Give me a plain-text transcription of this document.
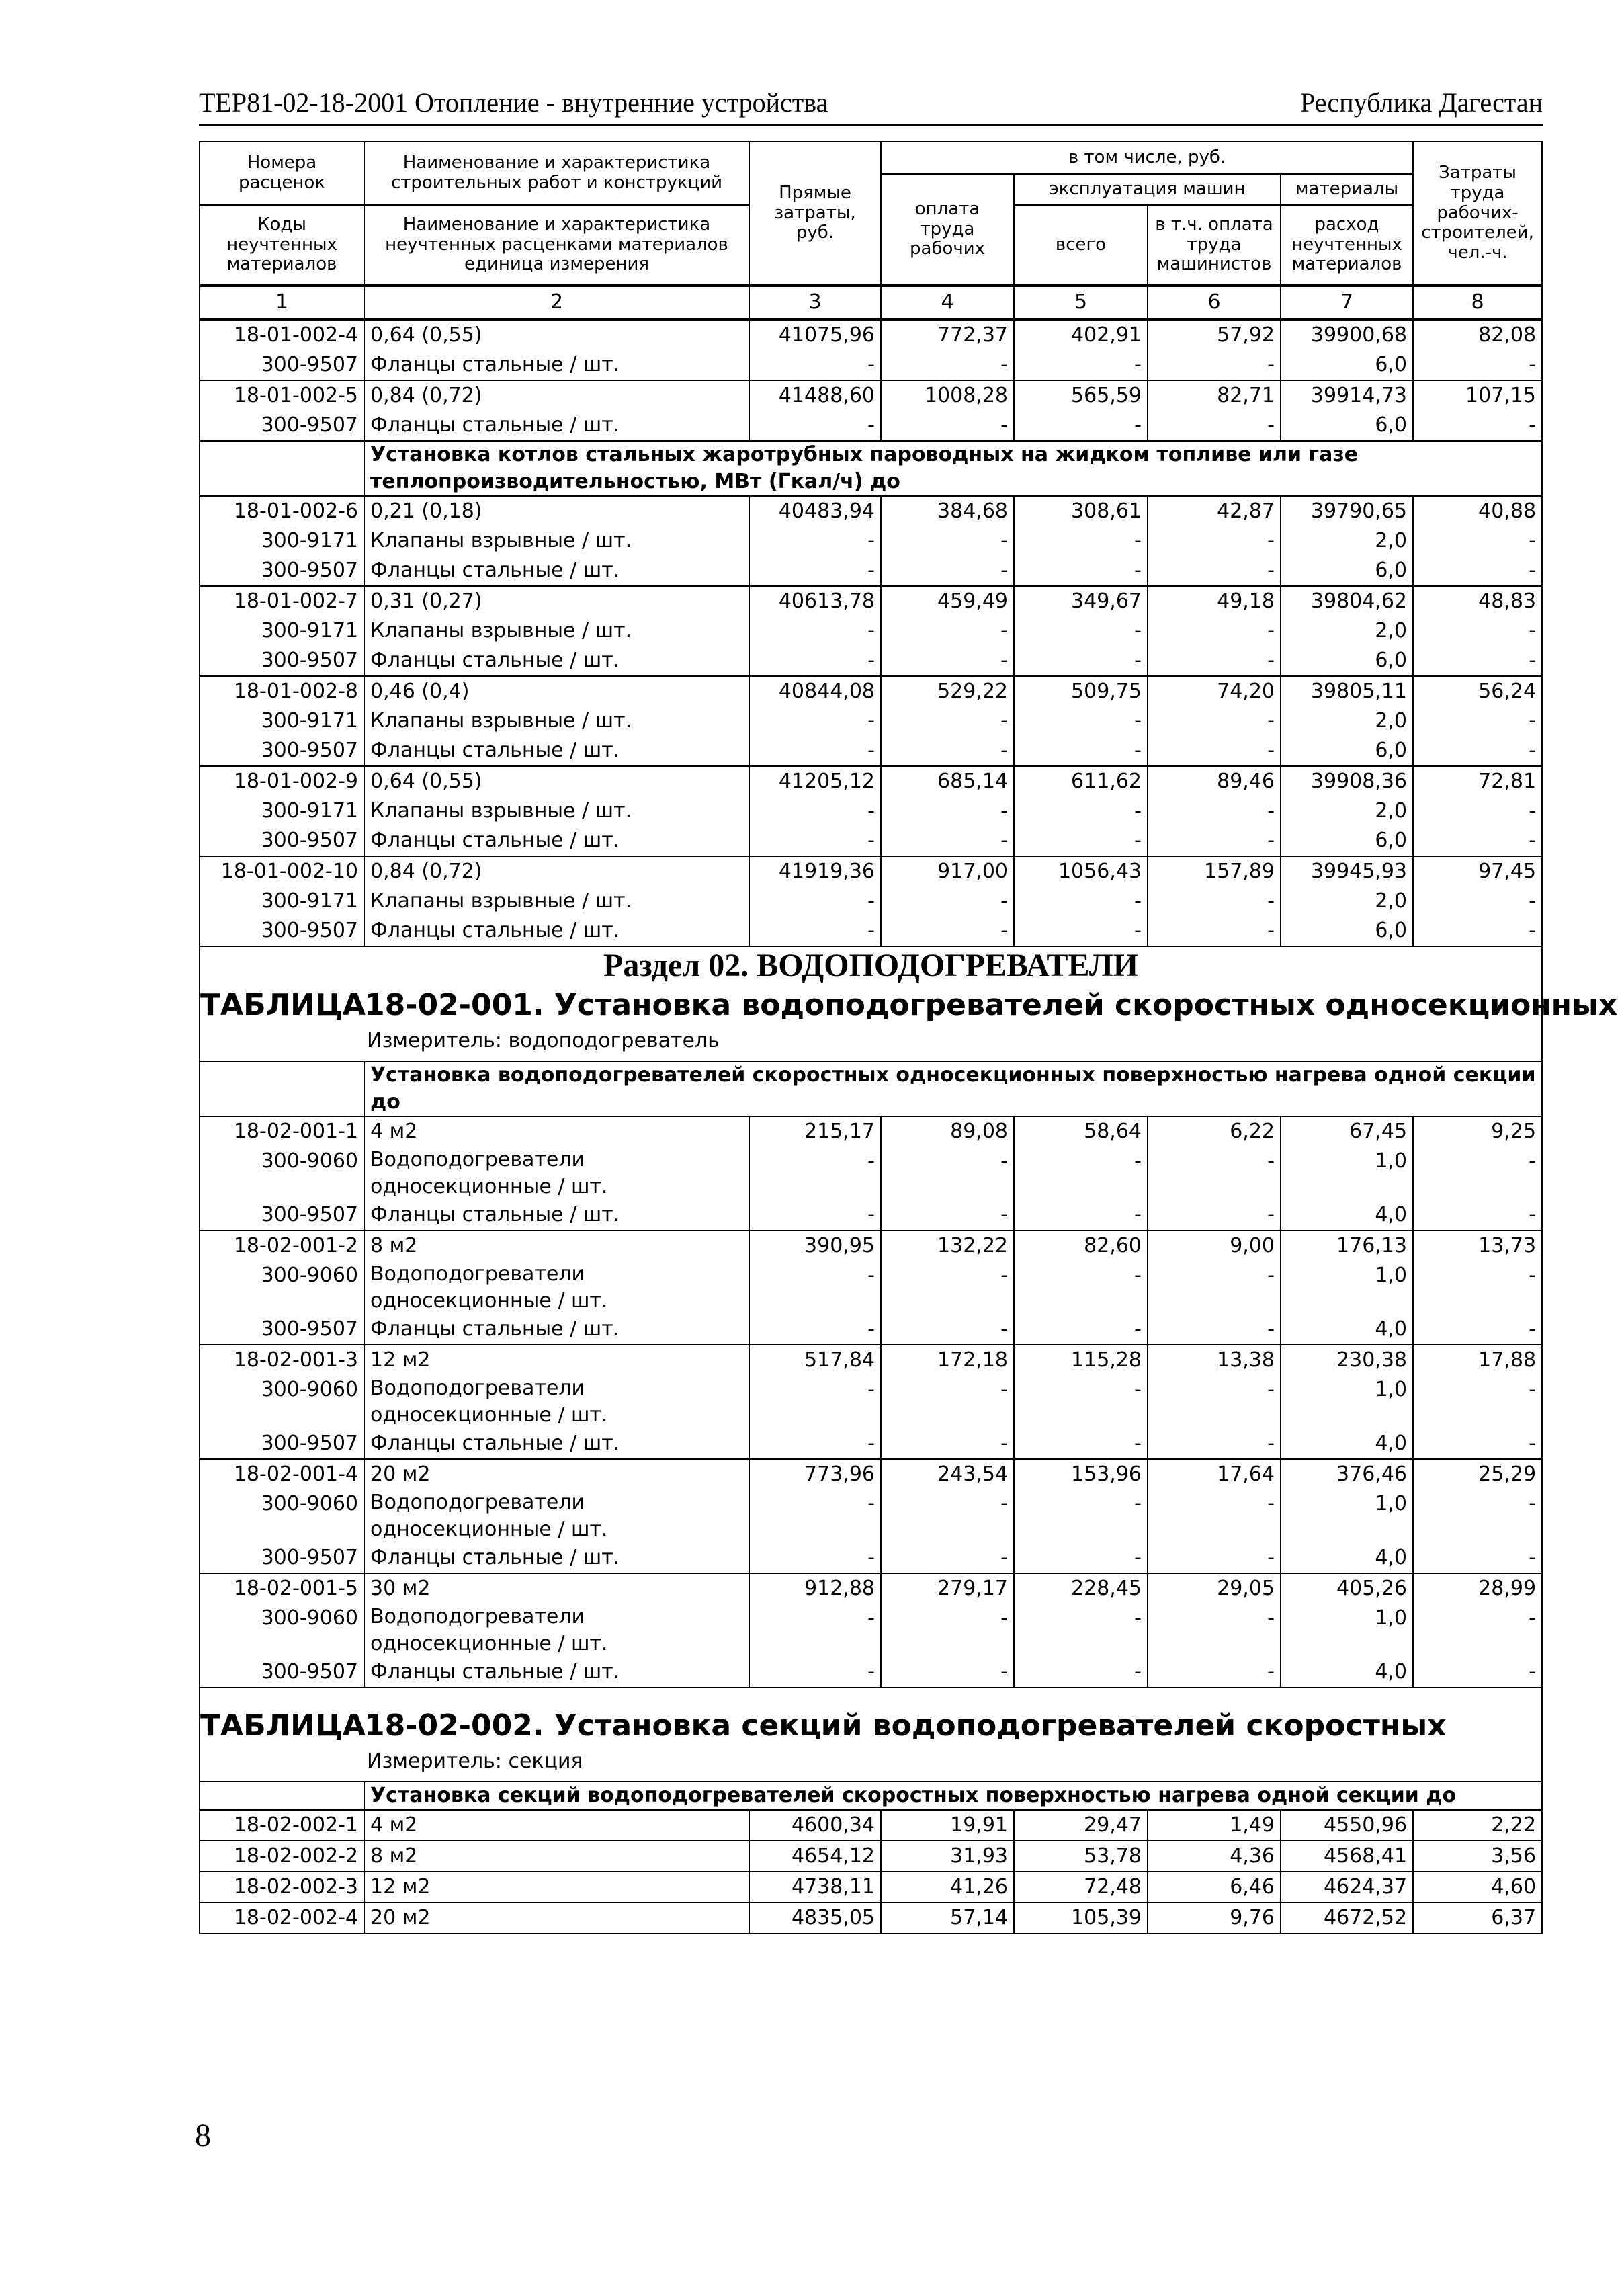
ТЕР81-02-18-2001 Отопление - внутренние устройства	Республика Дагестан
Номера расценок	Наименование и характеристика строительных работ и конструкций	Прямые затраты, руб.	в том числе, руб.				Затраты труда рабочих-строителей, чел.-ч.
			оплата труда рабочих	эксплуатация машин		материалы	
Коды неучтенных материалов	Наименование и характеристика неучтенных расценками материалов единица измерения			всего	в т.ч. оплата труда машинистов	расход неучтенных материалов	

1	2	3	4	5	6	7	8
18-01-002-4	0,64 (0,55)	41075,96	772,37	402,91	57,92	39900,68	82,08
300-9507	Фланцы стальные / шт.	-	-	-	-	6,0	-
18-01-002-5	0,84 (0,72)	41488,60	1008,28	565,59	82,71	39914,73	107,15
300-9507	Фланцы стальные / шт.	-	-	-	-	6,0	-
	Установка котлов стальных жаротрубных паровoдных на жидком топливе или газе теплопроизводительностью, МВт (Гкал/ч) до						
18-01-002-6	0,21 (0,18)	40483,94	384,68	308,61	42,87	39790,65	40,88
300-9171	Клапаны взрывные / шт.	-	-	-	-	2,0	-
300-9507	Фланцы стальные / шт.	-	-	-	-	6,0	-
18-01-002-7	0,31 (0,27)	40613,78	459,49	349,67	49,18	39804,62	48,83
300-9171	Клапаны взрывные / шт.	-	-	-	-	2,0	-
300-9507	Фланцы стальные / шт.	-	-	-	-	6,0	-
18-01-002-8	0,46 (0,4)	40844,08	529,22	509,75	74,20	39805,11	56,24
300-9171	Клапаны взрывные / шт.	-	-	-	-	2,0	-
300-9507	Фланцы стальные / шт.	-	-	-	-	6,0	-
18-01-002-9	0,64 (0,55)	41205,12	685,14	611,62	89,46	39908,36	72,81
300-9171	Клапаны взрывные / шт.	-	-	-	-	2,0	-
300-9507	Фланцы стальные / шт.	-	-	-	-	6,0	-
18-01-002-10	0,84 (0,72)	41919,36	917,00	1056,43	157,89	39945,93	97,45
300-9171	Клапаны взрывные / шт.	-	-	-	-	2,0	-
300-9507	Фланцы стальные / шт.	-	-	-	-	6,0	-
Раздел 02. ВОДОПОДОГРЕВАТЕЛИ							
ТАБЛИЦА	18-02-001. Установка водоподогревателей скоростных односекционных						
	Измеритель: водоподогреватель						
	Установка водоподогревателей скоростных односекционных поверхностью нагрева одной секции до						
18-02-001-1	4 м2	215,17	89,08	58,64	6,22	67,45	9,25
300-9060	Водоподогреватели односекционные / шт.	-	-	-	-	1,0	-
300-9507	Фланцы стальные / шт.	-	-	-	-	4,0	-
18-02-001-2	8 м2	390,95	132,22	82,60	9,00	176,13	13,73
300-9060	Водоподогреватели односекционные / шт.	-	-	-	-	1,0	-
300-9507	Фланцы стальные / шт.	-	-	-	-	4,0	-
18-02-001-3	12 м2	517,84	172,18	115,28	13,38	230,38	17,88
300-9060	Водоподогреватели односекционные / шт.	-	-	-	-	1,0	-
300-9507	Фланцы стальные / шт.	-	-	-	-	4,0	-
18-02-001-4	20 м2	773,96	243,54	153,96	17,64	376,46	25,29
300-9060	Водоподогреватели односекционные / шт.	-	-	-	-	1,0	-
300-9507	Фланцы стальные / шт.	-	-	-	-	4,0	-
18-02-001-5	30 м2	912,88	279,17	228,45	29,05	405,26	28,99
300-9060	Водоподогреватели односекционные / шт.	-	-	-	-	1,0	-
300-9507	Фланцы стальные / шт.	-	-	-	-	4,0	-
ТАБЛИЦА	18-02-002. Установка секций водоподогревателей скоростных						
	Измеритель: секция						
	Установка секций водоподогревателей скоростных поверхностью нагрева одной секции до						
18-02-002-1	4 м2	4600,34	19,91	29,47	1,49	4550,96	2,22
18-02-002-2	8 м2	4654,12	31,93	53,78	4,36	4568,41	3,56
18-02-002-3	12 м2	4738,11	41,26	72,48	6,46	4624,37	4,60
18-02-002-4	20 м2	4835,05	57,14	105,39	9,76	4672,52	6,37
8
